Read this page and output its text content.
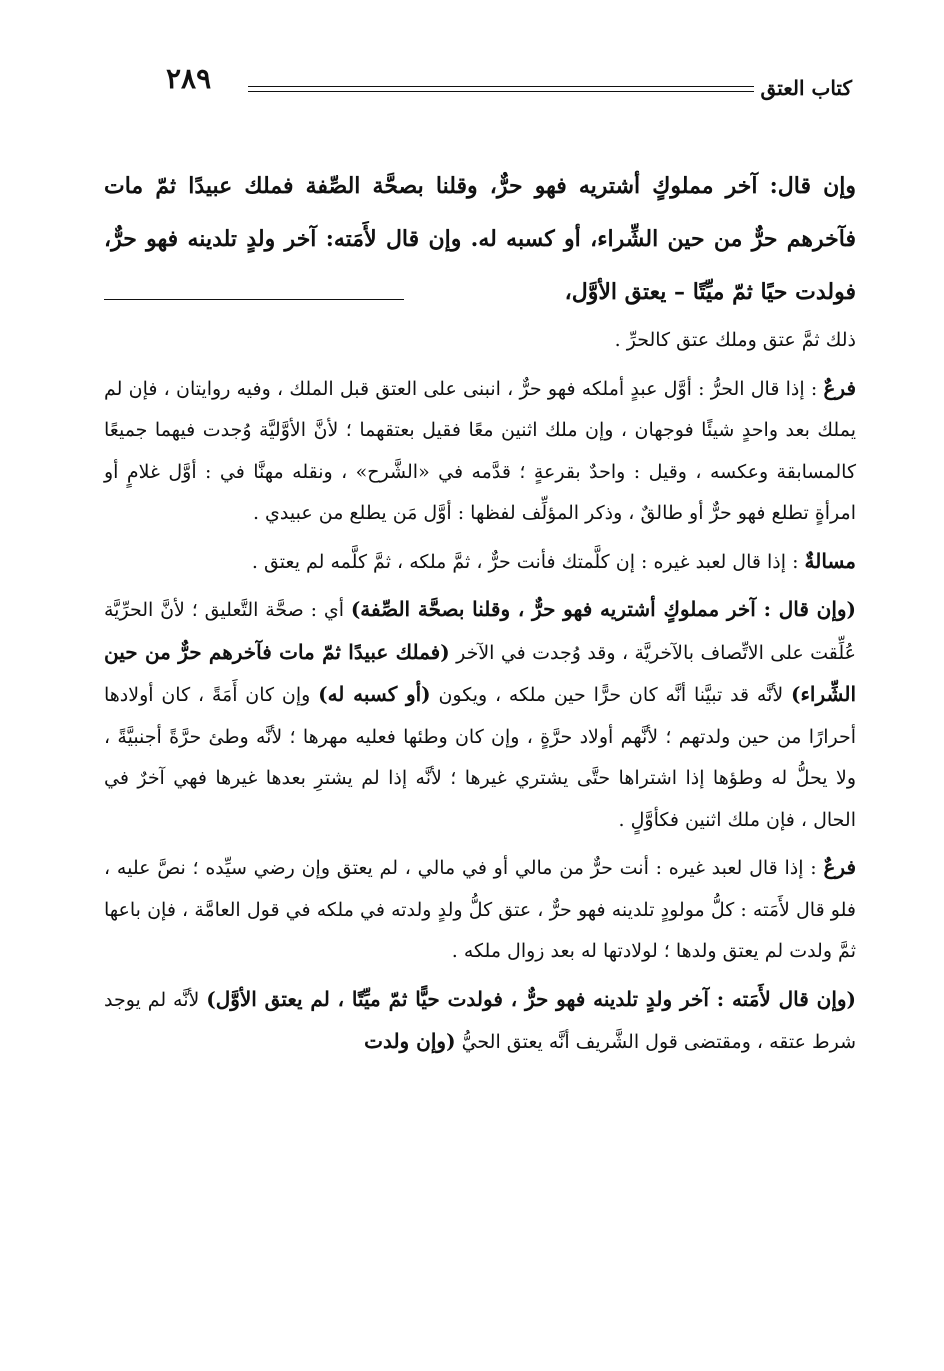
كتاب العتق
٢٨٩
وإن قال: آخر مملوكٍ أشتريه فهو حرٌّ، وقلنا بصحَّة الصِّفة فملك عبيدًا ثمّ مات فآخرهم حرٌّ من حين الشِّراء، أو كسبه له. وإن قال لأَمَته: آخر ولدٍ تلدينه فهو حرٌّ، فولدت حيًا ثمّ ميِّتًا – يعتق الأوَّل،

ذلك ثمَّ عتق وملك عتق كالحرِّ .

فرعٌ : إذا قال الحرُّ : أوَّل عبدٍ أملكه فهو حرٌّ ، انبنى على العتق قبل الملك ، وفيه روايتان ، فإن لم يملك بعد واحدٍ شيئًا فوجهان ، وإن ملك اثنين معًا فقيل بعتقهما ؛ لأنَّ الأوَّليَّة وُجدت فيهما جميعًا كالمسابقة وعكسه ، وقيل : واحدٌ بقرعةٍ ؛ قدَّمه في «الشَّرح» ، ونقله مهنَّا في : أوَّل غلامٍ أو امرأةٍ تطلع فهو حرٌّ أو طالقٌ ، وذكر المؤلِّف لفظها : أوَّل مَن يطلع من عبيدي .

مسالةٌ : إذا قال لعبد غيره : إن كلَّمتك فأنت حرٌّ ، ثمَّ ملكه ، ثمَّ كلَّمه لم يعتق .

(وإن قال : آخر مملوكٍ أشتريه فهو حرٌّ ، وقلنا بصحَّة الصِّفة) أي : صحَّة التَّعليق ؛ لأنَّ الحرِّيَّة عُلِّقت على الاتِّصاف بالآخريَّة ، وقد وُجدت في الآخر (فملك عبيدًا ثمّ مات فآخرهم حرٌّ من حين الشِّراء) لأنَّه قد تبيَّنا أنَّه كان حرًّا حين ملكه ، ويكون (أو كسبه له) وإن كان أَمَةً ، كان أولادها أحرارًا من حين ولدتهم ؛ لأنَّهم أولاد حرَّةٍ ، وإن كان وطئها فعليه مهرها ؛ لأنَّه وطئ حرَّةً أجنبيَّةً ، ولا يحلُّ له وطؤها إذا اشتراها حتَّى يشتري غيرها ؛ لأنَّه إذا لم يشترِ بعدها غيرها فهي آخرٌ في الحال ، فإن ملك اثنين فكأوَّلٍ .

فرعٌ : إذا قال لعبد غيره : أنت حرٌّ من مالي أو في مالي ، لم يعتق وإن رضي سيِّده ؛ نصَّ عليه ، فلو قال لأَمَته : كلُّ مولودٍ تلدينه فهو حرٌّ ، عتق كلُّ ولدٍ ولدته في ملكه في قول العامَّة ، فإن باعها ثمَّ ولدت لم يعتق ولدها ؛ لولادتها له بعد زوال ملكه .

(وإن قال لأَمَته : آخر ولدٍ تلدينه فهو حرٌّ ، فولدت حيًّا ثمّ ميِّتًا ، لم يعتق الأوَّل) لأنَّه لم يوجد شرط عتقه ، ومقتضى قول الشَّريف أنَّه يعتق الحيُّ (وإن ولدت
